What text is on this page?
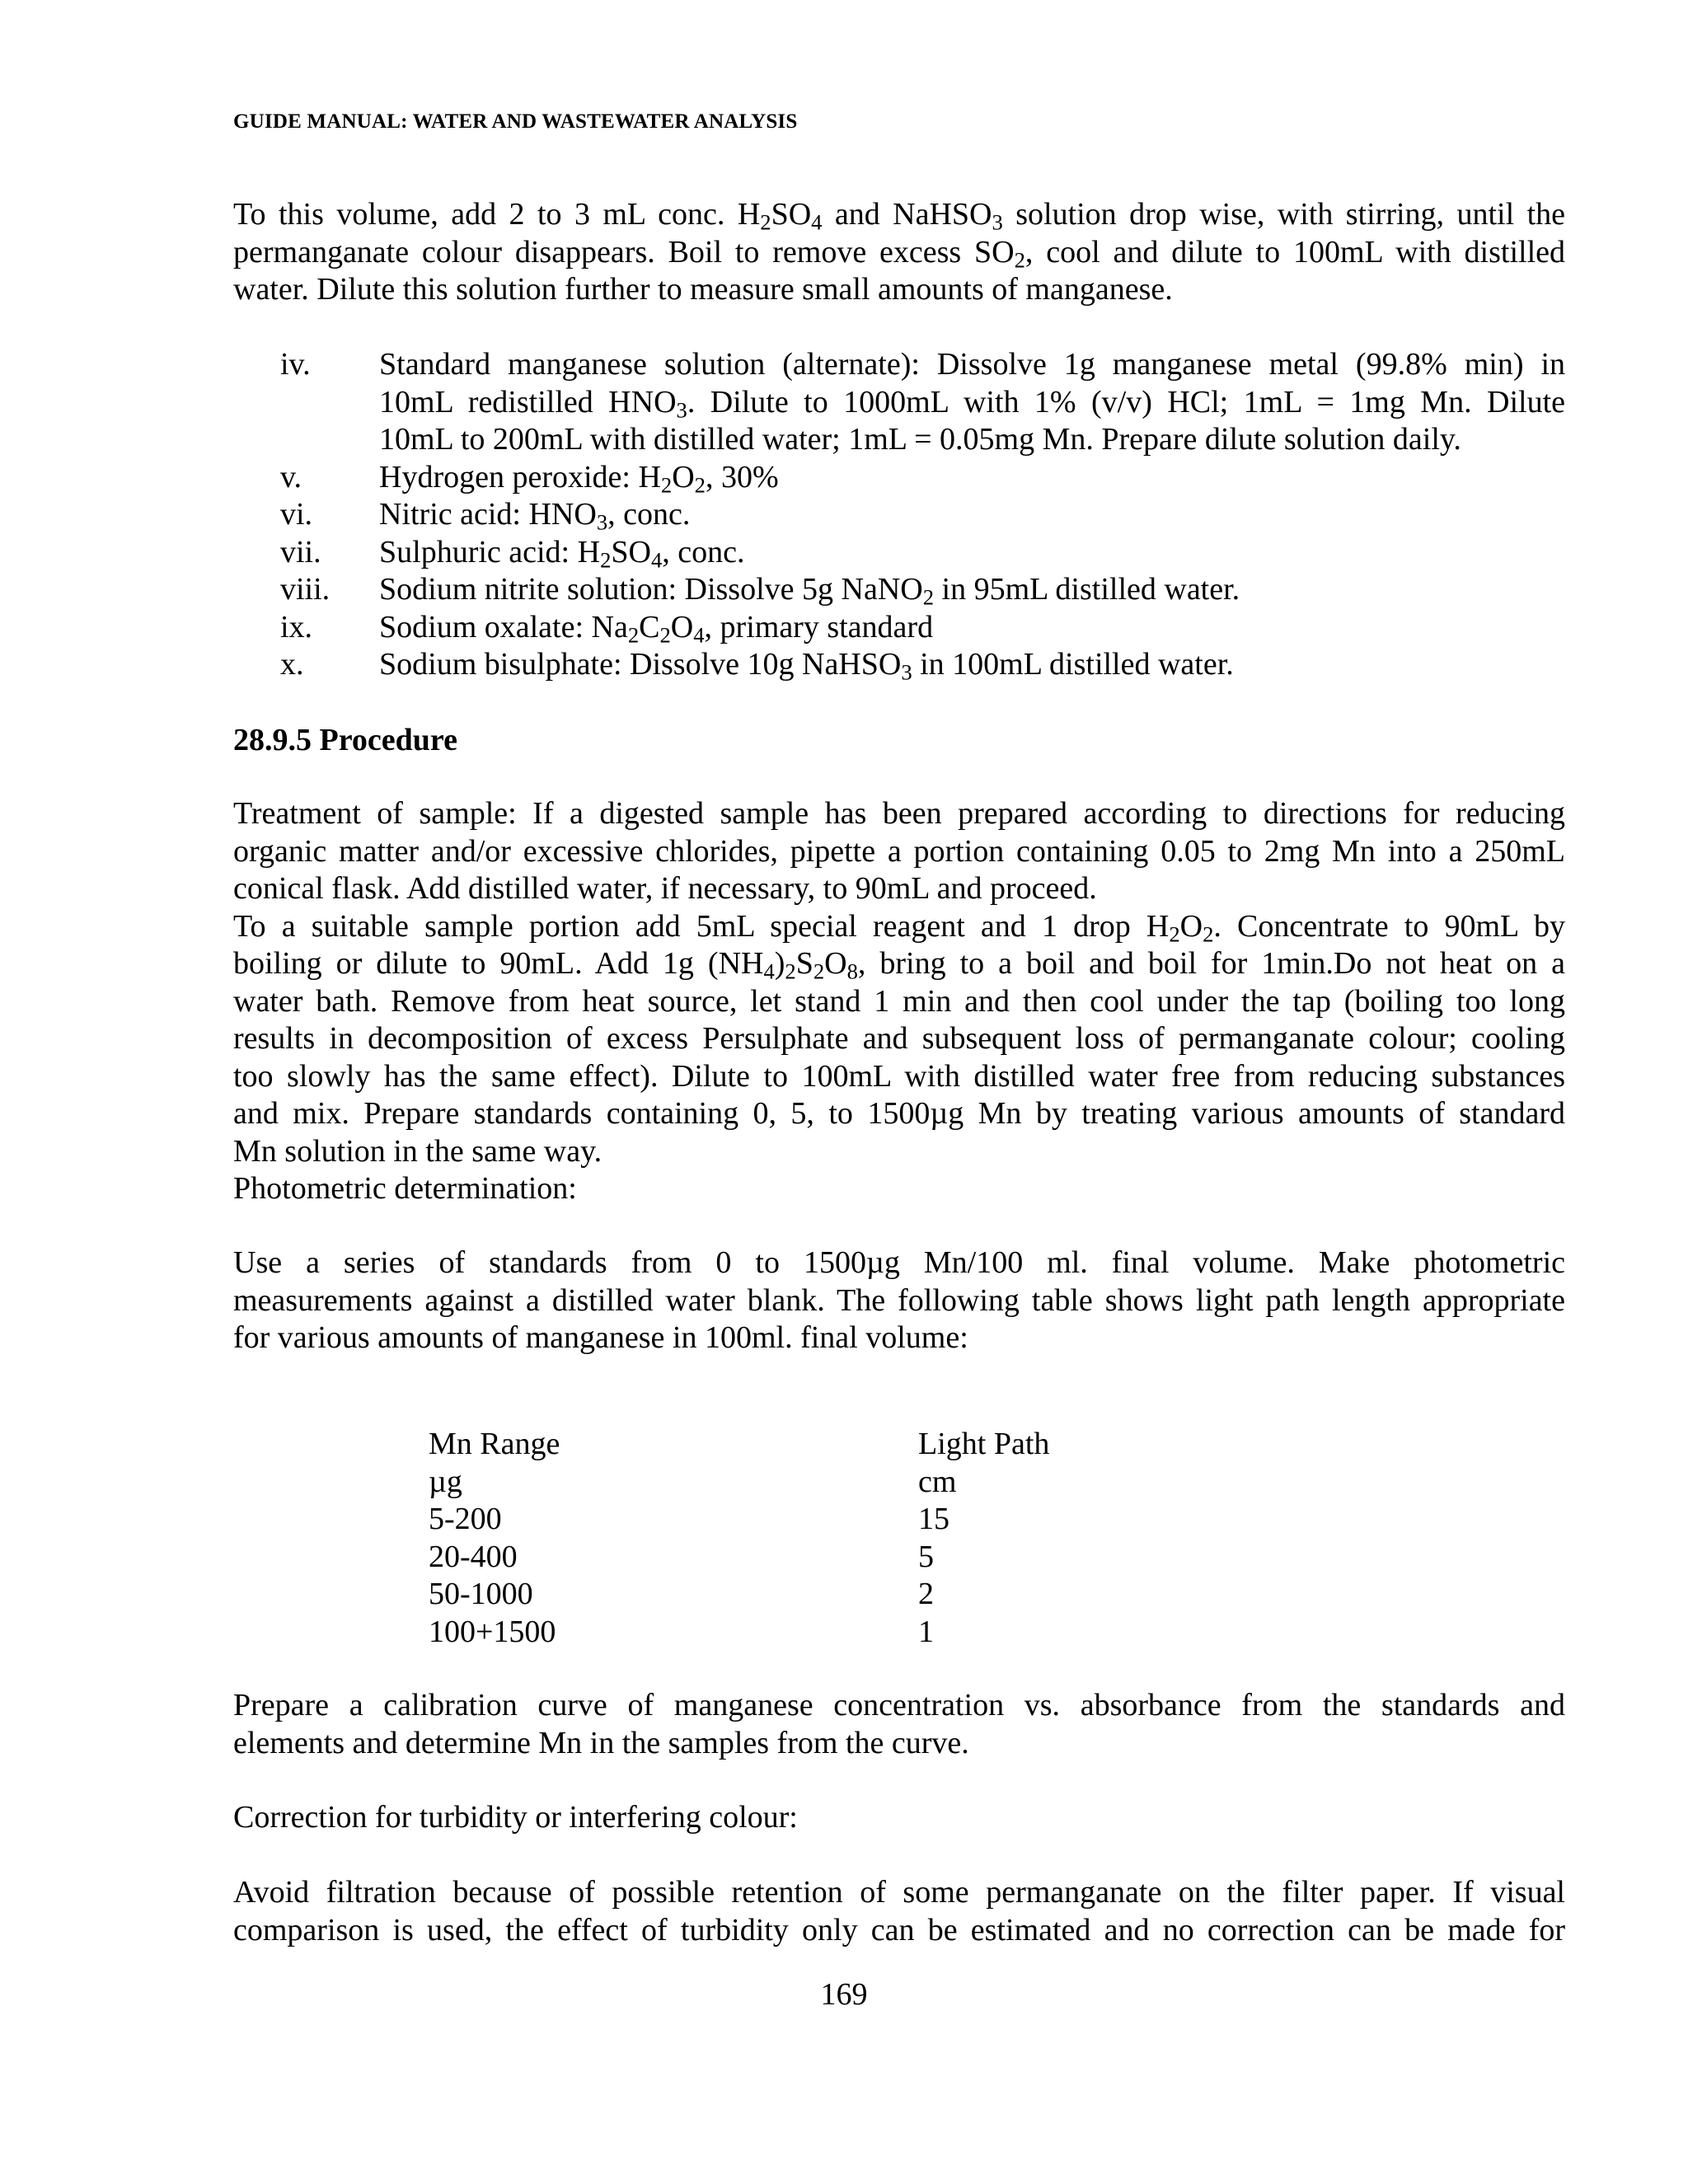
GUIDE MANUAL: WATER AND WASTEWATER ANALYSIS
To this volume, add 2 to 3 mL conc. $H_2SO_4$ and NaHSO$_3$ solution drop wise, with stirring, until the
permanganate colour disappears. Boil to remove excess $SO_2$, cool and dilute to 100mL with distilled
water. Dilute this solution further to measure small amounts of manganese.
iv. Standard manganese solution (alternate): Dissolve 1g manganese metal (99.8% min) in
10mL redistilled $HNO_3$. Dilute to 1000mL with 1% (v/v) HCl; 1mL = 1mg Mn. Dilute
10mL to 200mL with distilled water; 1mL = 0.05mg Mn. Prepare dilute solution daily.
v. Hydrogen peroxide: $H_2O_2$, 30%
vi. Nitric acid: $HNO_3$, conc.
vii. Sulphuric acid: $H_2SO_4$, conc.
viii. Sodium nitrite solution: Dissolve 5g NaNO$_2$ in 95mL distilled water.
ix. Sodium oxalate: $Na_2C_2O_4$, primary standard
x. Sodium bisulphate: Dissolve 10g NaHSO$_3$ in 100mL distilled water.
28.9.5 Procedure
Treatment of sample: If a digested sample has been prepared according to directions for reducing
organic matter and/or excessive chlorides, pipette a portion containing 0.05 to 2mg Mn into a 250mL
conical flask. Add distilled water, if necessary, to 90mL and proceed.
To a suitable sample portion add 5mL special reagent and 1 drop $H_2O_2$. Concentrate to 90mL by
boiling or dilute to 90mL. Add 1g $(NH_4)_2S_2O_8$, bring to a boil and boil for 1min.Do not heat on a
water bath. Remove from heat source, let stand 1 min and then cool under the tap (boiling too long
results in decomposition of excess Persulphate and subsequent loss of permanganate colour; cooling
too slowly has the same effect). Dilute to 100mL with distilled water free from reducing substances
and mix. Prepare standards containing 0, 5, to 1500µg Mn by treating various amounts of standard
Mn solution in the same way.
Photometric determination:
Use a series of standards from 0 to 1500µg Mn/100 ml. final volume. Make photometric
measurements against a distilled water blank. The following table shows light path length appropriate
for various amounts of manganese in 100ml. final volume:
Mn Range	Light Path
µg	cm
5-200	15
20-400	5
50-1000	2
100+1500	1
Prepare a calibration curve of manganese concentration vs. absorbance from the standards and
elements and determine Mn in the samples from the curve.
Correction for turbidity or interfering colour:
Avoid filtration because of possible retention of some permanganate on the filter paper. If visual
comparison is used, the effect of turbidity only can be estimated and no correction can be made for
169
